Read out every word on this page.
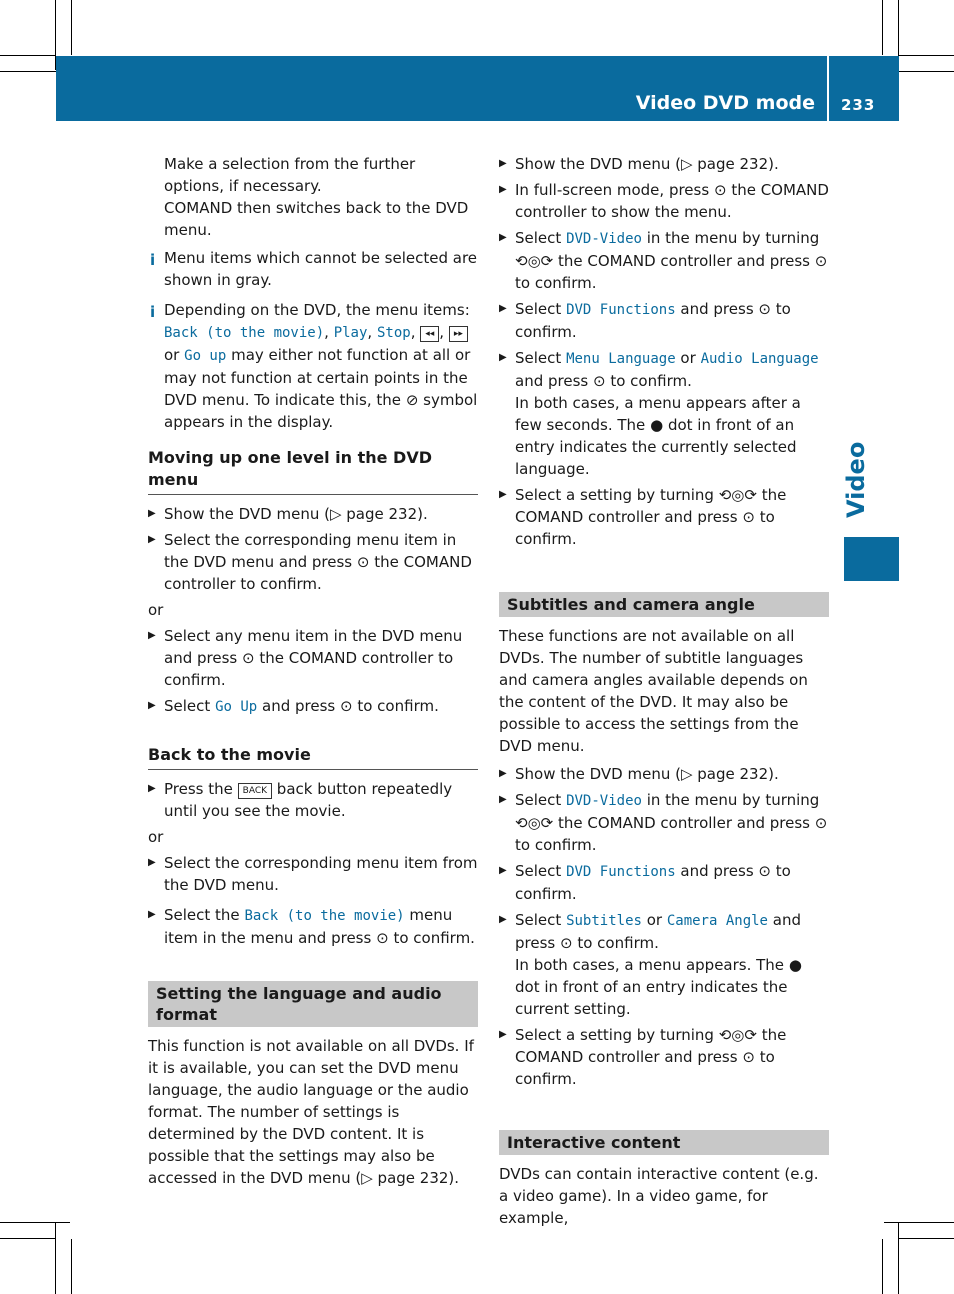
Video DVD mode 233
Video

Make a selection from the further options, if necessary.

COMAND then switches back to the DVD menu.

i Menu items which cannot be selected are shown in gray.
i Depending on the DVD, the menu items: Back (to the movie), Play, Stop, ◂◂ , ▸▸ or Go up may either not function at all or may not function at certain points in the DVD menu. To indicate this, the ⊘ symbol appears in the display.
Moving up one level in the DVD menu
▶ Show the DVD menu (▷ page 232).
▶ Select the corresponding menu item in the DVD menu and press ⊙ the COMAND controller to confirm.
or
▶ Select any menu item in the DVD menu and press ⊙ the COMAND controller to confirm.
▶ Select Go Up and press ⊙ to confirm.
Back to the movie
▶ Press the BACK back button repeatedly until you see the movie.
or
▶ Select the corresponding menu item from the DVD menu.
▶ Select the Back (to the movie) menu item in the menu and press ⊙ to confirm.
Setting the language and audio format

This function is not available on all DVDs. If it is available, you can set the DVD menu language, the audio language or the audio format. The number of settings is determined by the DVD content. It is possible that the settings may also be accessed in the DVD menu (▷ page 232).

▶ Show the DVD menu (▷ page 232).
▶ In full-screen mode, press ⊙ the COMAND controller to show the menu.
▶ Select DVD-Video in the menu by turning ⟲◎⟳ the COMAND controller and press ⊙ to confirm.
▶ Select DVD Functions and press ⊙ to confirm.
▶ Select Menu Language or Audio Language and press ⊙ to confirm.
In both cases, a menu appears after a few seconds. The ● dot in front of an entry indicates the currently selected language.
▶ Select a setting by turning ⟲◎⟳ the COMAND controller and press ⊙ to confirm.
Subtitles and camera angle

These functions are not available on all DVDs. The number of subtitle languages and camera angles available depends on the content of the DVD. It may also be possible to access the settings from the DVD menu.

▶ Show the DVD menu (▷ page 232).
▶ Select DVD-Video in the menu by turning ⟲◎⟳ the COMAND controller and press ⊙ to confirm.
▶ Select DVD Functions and press ⊙ to confirm.
▶ Select Subtitles or Camera Angle and press ⊙ to confirm.
In both cases, a menu appears. The ● dot in front of an entry indicates the current setting.
▶ Select a setting by turning ⟲◎⟳ the COMAND controller and press ⊙ to confirm.
Interactive content

DVDs can contain interactive content (e.g. a video game). In a video game, for example,
